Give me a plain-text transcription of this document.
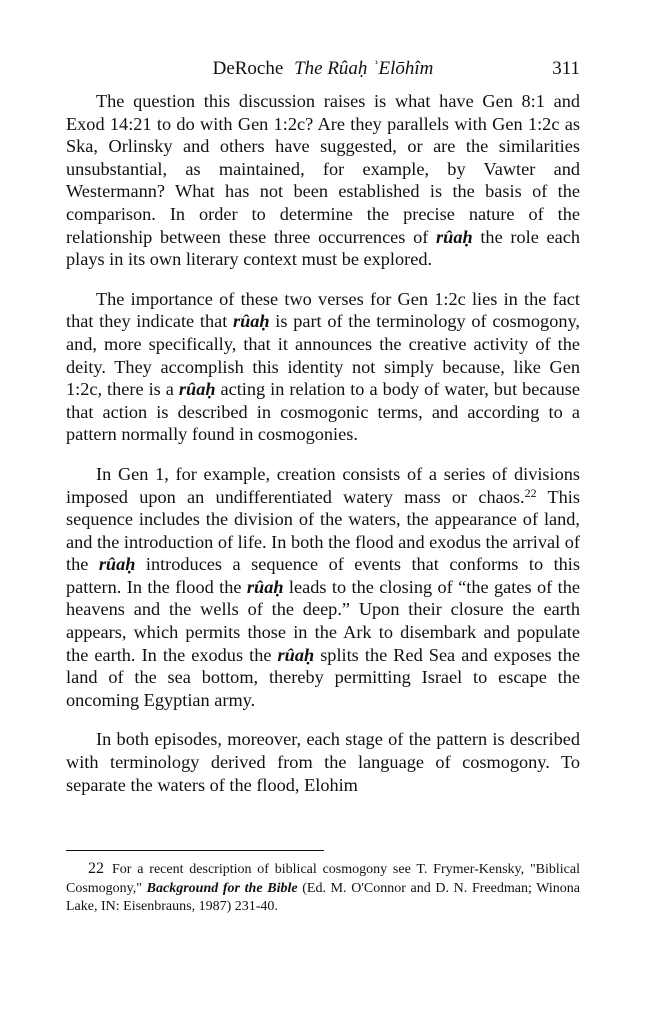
DeRoche The Rûaḥ ʾElōhîm	311

The question this discussion raises is what have Gen 8:1 and Exod 14:21 to do with Gen 1:2c? Are they parallels with Gen 1:2c as Ska, Orlinsky and others have suggested, or are the similarities unsubstantial, as maintained, for example, by Vawter and Westermann? What has not been established is the basis of the comparison. In order to determine the precise nature of the relationship between these three occurrences of rûaḥ the role each plays in its own literary context must be explored.

The importance of these two verses for Gen 1:2c lies in the fact that they indicate that rûaḥ is part of the terminology of cosmogony, and, more specifically, that it announces the creative activity of the deity. They accomplish this identity not simply because, like Gen 1:2c, there is a rûaḥ acting in relation to a body of water, but because that action is described in cosmogonic terms, and according to a pattern normally found in cosmogonies.

In Gen 1, for example, creation consists of a series of divisions imposed upon an undifferentiated watery mass or chaos.$^{22}$ This sequence includes the division of the waters, the appearance of land, and the introduction of life. In both the flood and exodus the arrival of the rûaḥ introduces a sequence of events that conforms to this pattern. In the flood the rûaḥ leads to the closing of “the gates of the heavens and the wells of the deep.” Upon their closure the earth appears, which permits those in the Ark to disembark and populate the earth. In the exodus the rûaḥ splits the Red Sea and exposes the land of the sea bottom, thereby permitting Israel to escape the oncoming Egyptian army.

In both episodes, moreover, each stage of the pattern is described with terminology derived from the language of cosmogony. To separate the waters of the flood, Elohim

22 For a recent description of biblical cosmogony see T. Frymer-Kensky, "Biblical Cosmogony," Background for the Bible (Ed. M. O'Connor and D. N. Freedman; Winona Lake, IN: Eisenbrauns, 1987) 231-40.
